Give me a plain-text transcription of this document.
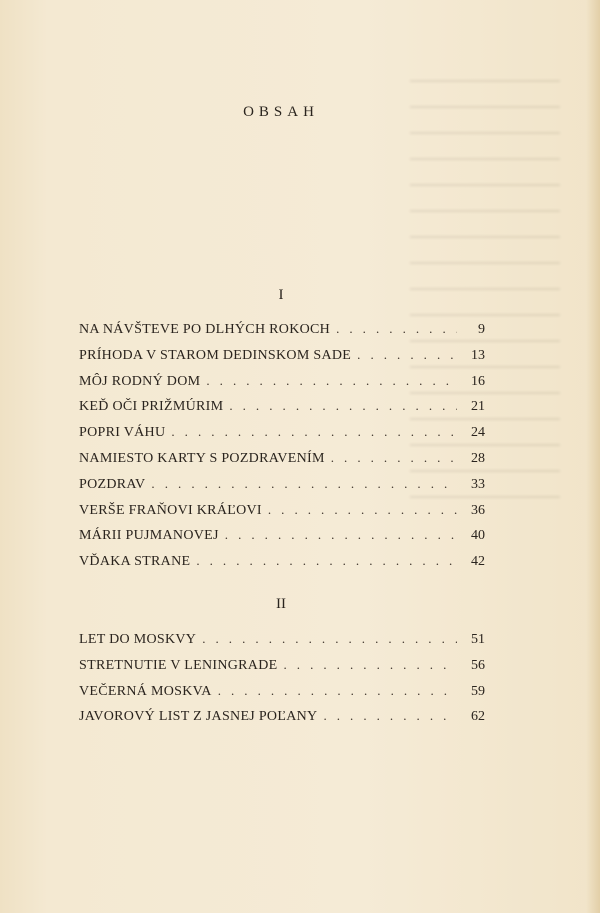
OBSAH
I
NA NÁVŠTEVE PO DLHÝCH ROKOCH . . .	9
PRÍHODA V STAROM DEDINSKOM SADE . . .	13
MÔJ RODNÝ DOM . . .	16
KEĎ OČI PRIŽMÚRIM . . .	21
POPRI VÁHU . . .	24
NAMIESTO KARTY S POZDRAVENÍM . . .	28
POZDRAV . . .	33
VERŠE FRAŇOVI KRÁĽOVI . . .	36
MÁRII PUJMANOVEJ . . .	40
VĎAKA STRANE . . .	42
II
LET DO MOSKVY . . .	51
STRETNUTIE V LENINGRADE . . .	56
VEČERNÁ MOSKVA . . .	59
JAVOROVÝ LIST Z JASNEJ POĽANY . . .	62
